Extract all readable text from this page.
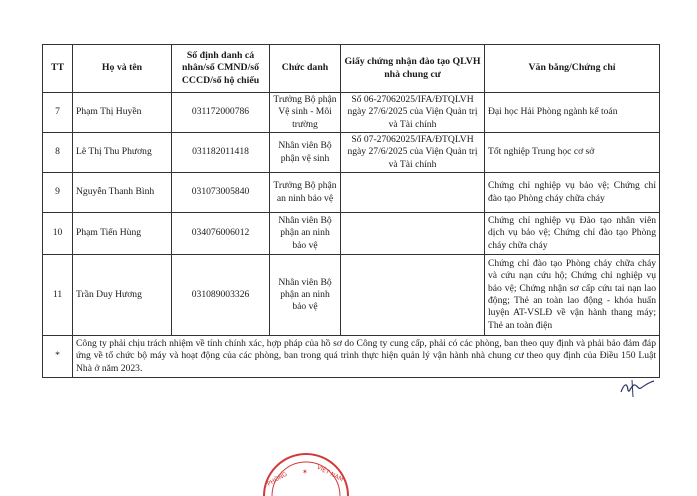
TT	Họ và tên	Số định danh cá nhân/số CMND/số CCCD/số hộ chiếu	Chức danh	Giấy chứng nhận đào tạo QLVH nhà chung cư	Văn bằng/Chứng chỉ
7	Phạm Thị Huyền	031172000786	Trưởng Bộ phận Vệ sinh - Môi trường	Số 06-27062025/IFA/ĐTQLVH ngày 27/6/2025 của Viện Quản trị và Tài chính	Đại học Hải Phòng ngành kế toán
8	Lê Thị Thu Phương	031182011418	Nhân viên Bộ phận vệ sinh	Số 07-27062025/IFA/ĐTQLVH ngày 27/6/2025 của Viện Quản trị và Tài chính	Tốt nghiệp Trung học cơ sở
9	Nguyễn Thanh Bình	031073005840	Trưởng Bộ phận an ninh bảo vệ		Chứng chỉ nghiệp vụ bảo vệ; Chứng chỉ đào tạo Phòng cháy chữa cháy
10	Phạm Tiến Hùng	034076006012	Nhân viên Bộ phận an ninh bảo vệ		Chứng chỉ nghiệp vụ Đào tạo nhân viên dịch vụ bảo vệ; Chứng chỉ đào tạo Phòng cháy chữa cháy
11	Trần Duy Hương	031089003326	Nhân viên Bộ phận an ninh bảo vệ		Chứng chỉ đào tạo Phòng cháy chữa cháy và cứu nạn cứu hộ; Chứng chỉ nghiệp vụ bảo vệ; Chứng nhận sơ cấp cứu tai nạn lao động; Thẻ an toàn lao động - khóa huấn luyện AT-VSLĐ về vận hành thang máy; Thẻ an toàn điện
*	Công ty phải chịu trách nhiệm về tính chính xác, hợp pháp của hồ sơ do Công ty cung cấp, phải có các phòng, ban theo quy định và phải bảo đảm đáp ứng về tổ chức bộ máy và hoạt động của các phòng, ban trong quá trình thực hiện quản lý vận hành nhà chung cư theo quy định của Điều 150 Luật Nhà ở năm 2023.				
PHÒNG	VIỆT NAM
✶
